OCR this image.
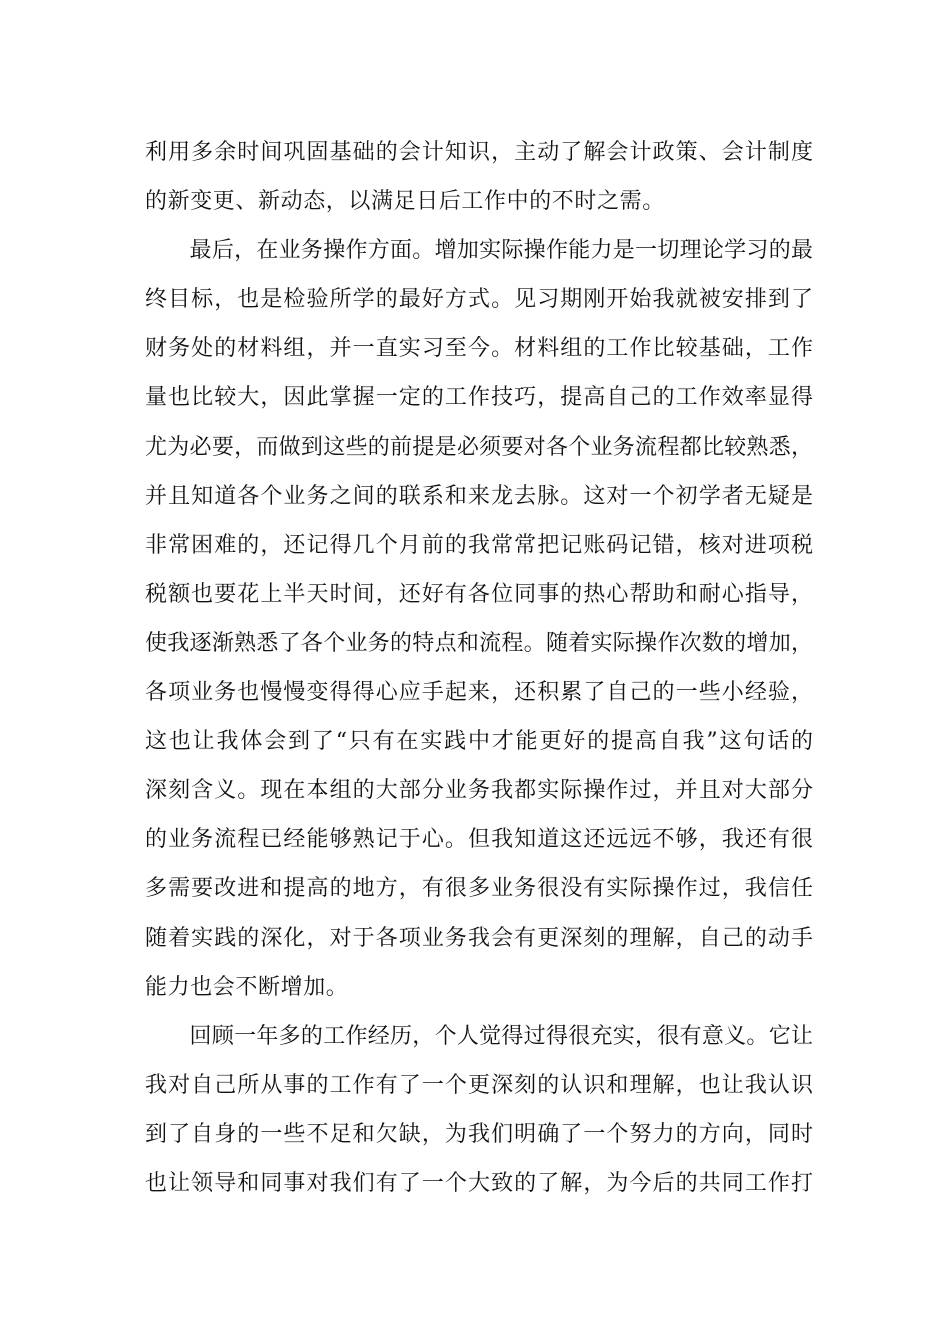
利用多余时间巩固基础的会计知识，主动了解会计政策、会计制度
的新变更、新动态，以满足日后工作中的不时之需。
　　最后，在业务操作方面。增加实际操作能力是一切理论学习的最
终目标，也是检验所学的最好方式。见习期刚开始我就被安排到了
财务处的材料组，并一直实习至今。材料组的工作比较基础，工作
量也比较大，因此掌握一定的工作技巧，提高自己的工作效率显得
尤为必要，而做到这些的前提是必须要对各个业务流程都比较熟悉，
并且知道各个业务之间的联系和来龙去脉。这对一个初学者无疑是
非常困难的，还记得几个月前的我常常把记账码记错，核对进项税
税额也要花上半天时间，还好有各位同事的热心帮助和耐心指导，
使我逐渐熟悉了各个业务的特点和流程。随着实际操作次数的增加，
各项业务也慢慢变得得心应手起来，还积累了自己的一些小经验，
这也让我体会到了“只有在实践中才能更好的提高自我”这句话的
深刻含义。现在本组的大部分业务我都实际操作过，并且对大部分
的业务流程已经能够熟记于心。但我知道这还远远不够，我还有很
多需要改进和提高的地方，有很多业务很没有实际操作过，我信任
随着实践的深化，对于各项业务我会有更深刻的理解，自己的动手
能力也会不断增加。
　　回顾一年多的工作经历，个人觉得过得很充实，很有意义。它让
我对自己所从事的工作有了一个更深刻的认识和理解，也让我认识
到了自身的一些不足和欠缺，为我们明确了一个努力的方向，同时
也让领导和同事对我们有了一个大致的了解，为今后的共同工作打
